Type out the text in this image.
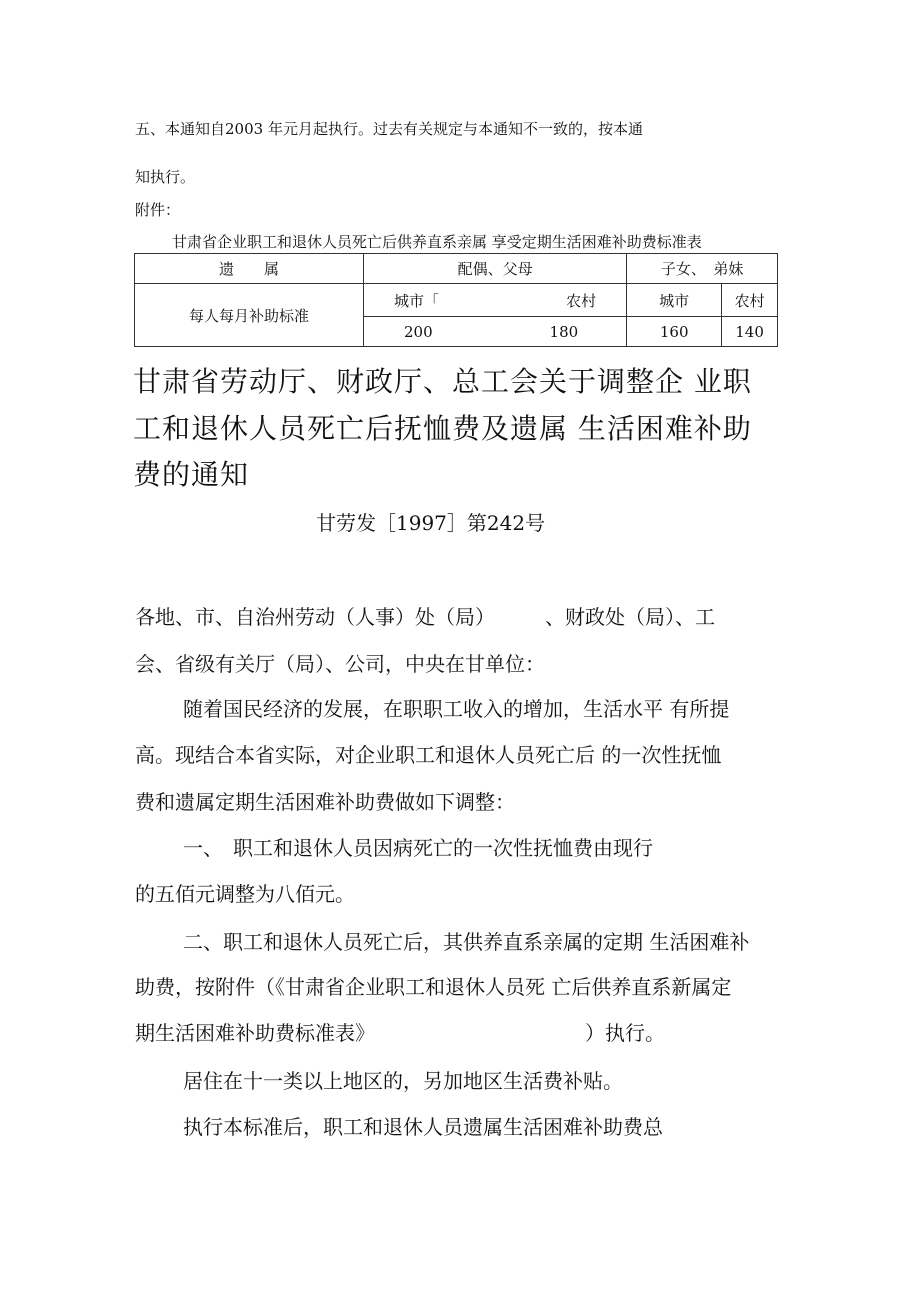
五、本通知自2003 年元月起执行。过去有关规定与本通知不一致的，按本通
知执行。
附件：
甘肃省企业职工和退休人员死亡后供养直系亲属 享受定期生活困难补助费标准表
遗　　属	配偶、父母	子女、　弟妹	
每人每月补助标准	城市「 农村	城市	农村

	200 180	160	140
甘肃省劳动厅、财政厅、总工会关于调整企 业职
工和退休人员死亡后抚恤费及遗属 生活困难补助
费的通知
甘劳发［1997］第242号
各地、市、自治州劳动（人事）处（局）　　　、财政处（局）、工
会、省级有关厅（局）、公司，中央在甘单位：
随着国民经济的发展，在职职工收入的增加，生活水平 有所提
高。现结合本省实际，对企业职工和退休人员死亡后 的一次性抚恤
费和遗属定期生活困难补助费做如下调整：
一、　职工和退休人员因病死亡的一次性抚恤费由现行
的五佰元调整为八佰元。
二、职工和退休人员死亡后，其供养直系亲属的定期 生活困难补
助费，按附件（《甘肃省企业职工和退休人员死 亡后供养直系新属定
期生活困难补助费标准表》　　　　　　　　　　　）执行。
居住在十一类以上地区的，另加地区生活费补贴。
执行本标准后，职工和退休人员遗属生活困难补助费总
